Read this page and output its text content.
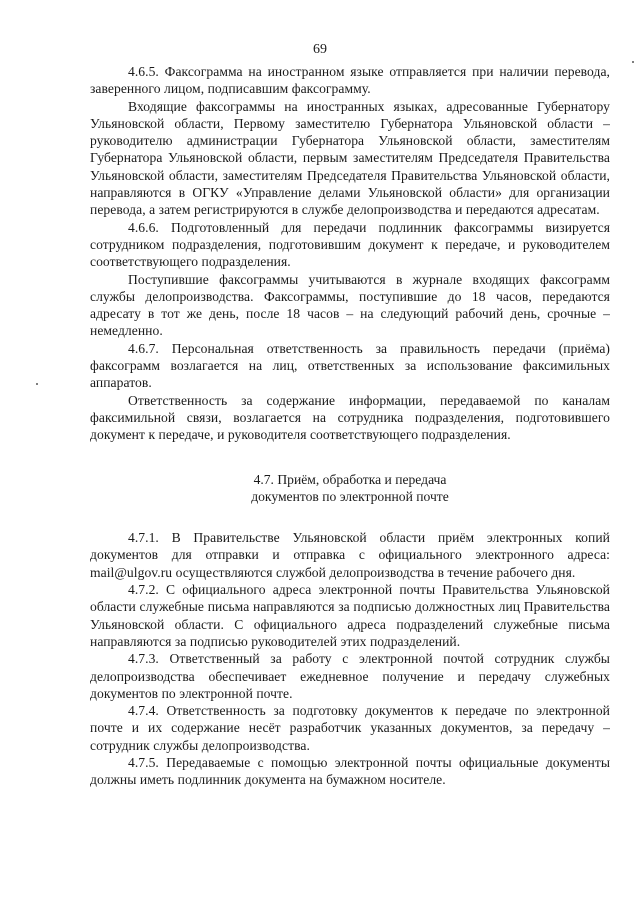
69

4.6.5. Факсограмма на иностранном языке отправляется при наличии перевода, заверенного лицом, подписавшим факсограмму.

Входящие факсограммы на иностранных языках, адресованные Губернатору Ульяновской области, Первому заместителю Губернатора Ульяновской области – руководителю администрации Губернатора Ульяновской области, заместителям Губернатора Ульяновской области, первым заместителям Председателя Правительства Ульяновской области, заместителям Председателя Правительства Ульяновской области, направляются в ОГКУ «Управление делами Ульяновской области» для организации перевода, а затем регистрируются в службе делопроизводства и передаются адресатам.

4.6.6. Подготовленный для передачи подлинник факсограммы визируется сотрудником подразделения, подготовившим документ к передаче, и руководителем соответствующего подразделения.

Поступившие факсограммы учитываются в журнале входящих факсограмм службы делопроизводства. Факсограммы, поступившие до 18 часов, передаются адресату в тот же день, после 18 часов – на следующий рабочий день, срочные – немедленно.

4.6.7. Персональная ответственность за правильность передачи (приёма) факсограмм возлагается на лиц, ответственных за использование факсимильных аппаратов.

Ответственность за содержание информации, передаваемой по каналам факсимильной связи, возлагается на сотрудника подразделения, подготовившего документ к передаче, и руководителя соответствующего подразделения.

4.7. Приём, обработка и передача
документов по электронной почте

4.7.1. В Правительстве Ульяновской области приём электронных копий документов для отправки и отправка с официального электронного адреса: mail@ulgov.ru осуществляются службой делопроизводства в течение рабочего дня.

4.7.2. С официального адреса электронной почты Правительства Ульяновской области служебные письма направляются за подписью должностных лиц Правительства Ульяновской области. С официального адреса подразделений служебные письма направляются за подписью руководителей этих подразделений.

4.7.3. Ответственный за работу с электронной почтой сотрудник службы делопроизводства обеспечивает ежедневное получение и передачу служебных документов по электронной почте.

4.7.4. Ответственность за подготовку документов к передаче по электронной почте и их содержание несёт разработчик указанных документов, за передачу – сотрудник службы делопроизводства.

4.7.5. Передаваемые с помощью электронной почты официальные документы должны иметь подлинник документа на бумажном носителе.
